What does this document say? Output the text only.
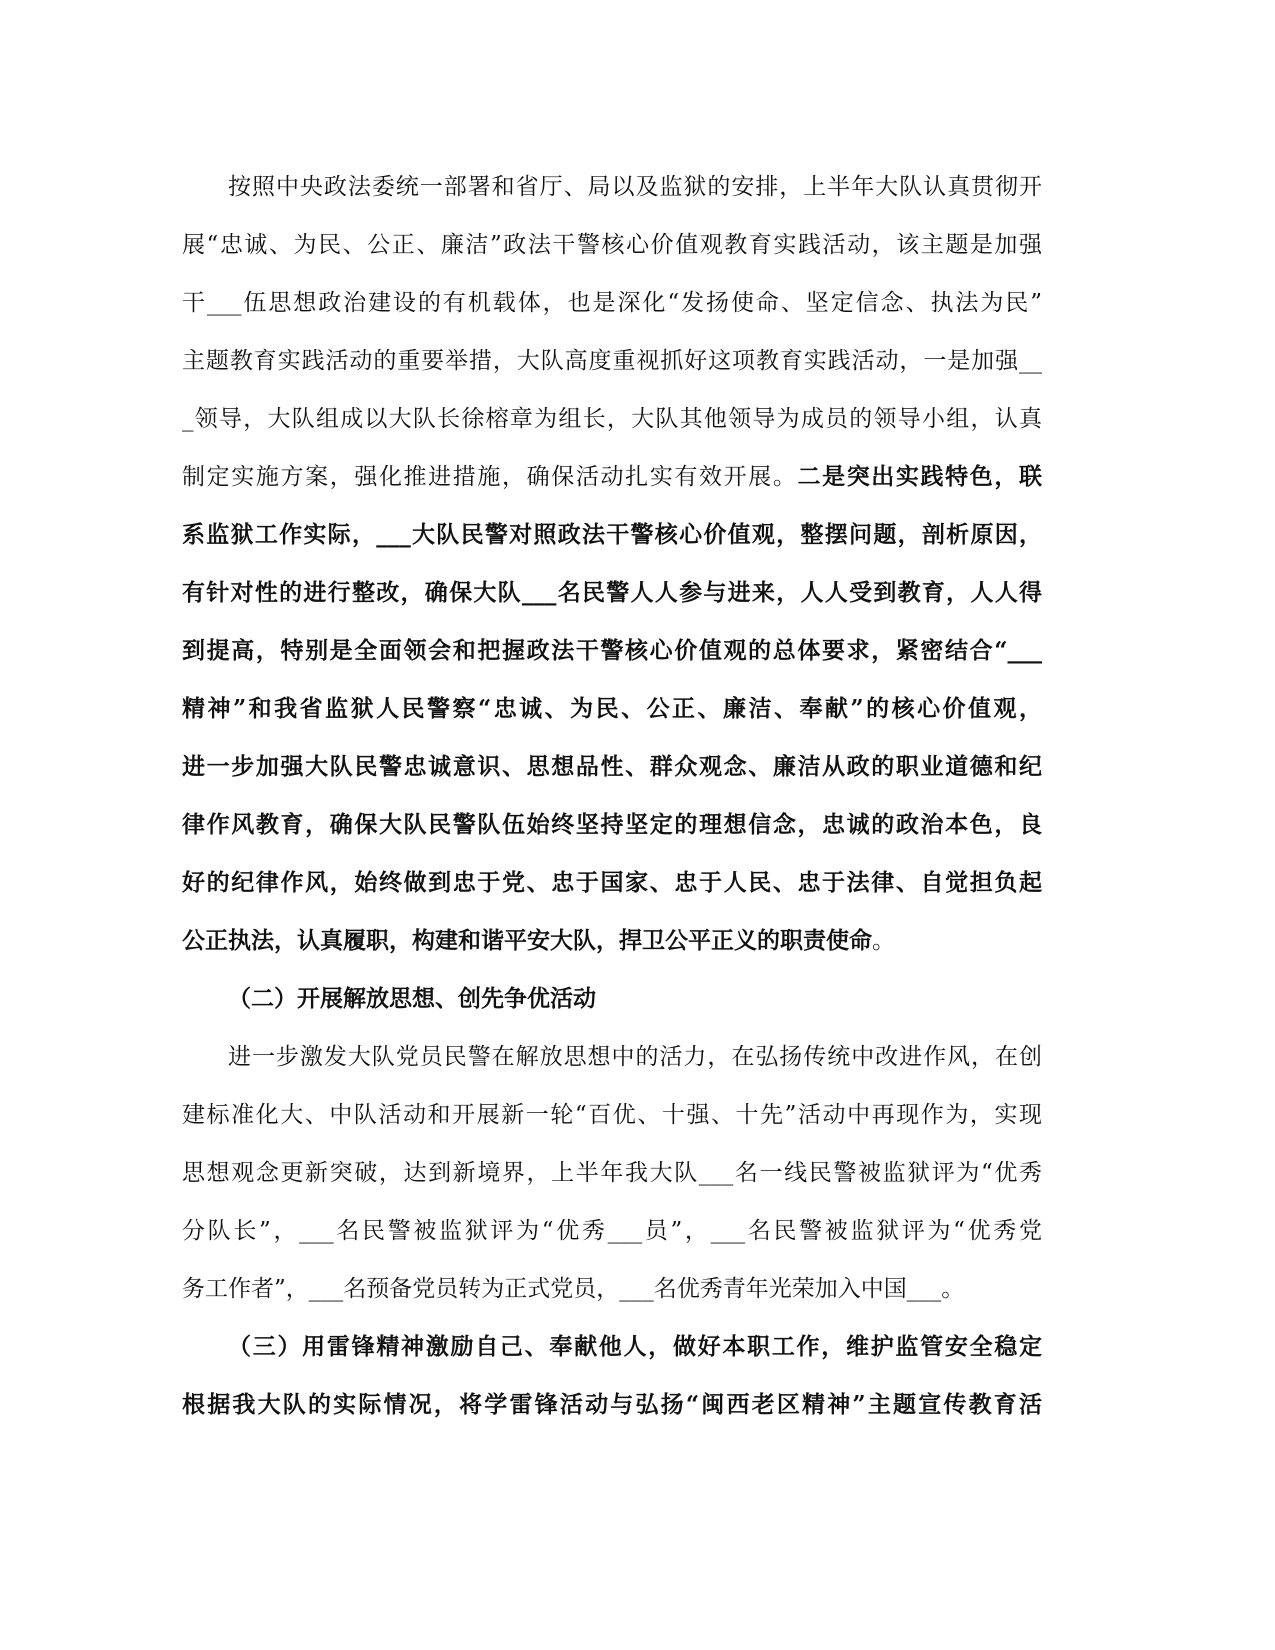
按照中央政法委统一部署和省厅、局以及监狱的安排，上半年大队认真贯彻开
展“忠诚、为民、公正、廉洁”政法干警核心价值观教育实践活动，该主题是加强
干___伍思想政治建设的有机载体，也是深化“发扬使命、坚定信念、执法为民”
主题教育实践活动的重要举措，大队高度重视抓好这项教育实践活动，一是加强__
_领导，大队组成以大队长徐榕章为组长，大队其他领导为成员的领导小组，认真
制定实施方案，强化推进措施，确保活动扎实有效开展。二是突出实践特色，联
系监狱工作实际，___大队民警对照政法干警核心价值观，整摆问题，剖析原因，
有针对性的进行整改，确保大队___名民警人人参与进来，人人受到教育，人人得
到提高，特别是全面领会和把握政法干警核心价值观的总体要求，紧密结合“___
精神”和我省监狱人民警察“忠诚、为民、公正、廉洁、奉献”的核心价值观，
进一步加强大队民警忠诚意识、思想品性、群众观念、廉洁从政的职业道德和纪
律作风教育，确保大队民警队伍始终坚持坚定的理想信念，忠诚的政治本色，良
好的纪律作风，始终做到忠于党、忠于国家、忠于人民、忠于法律、自觉担负起
公正执法，认真履职，构建和谐平安大队，捍卫公平正义的职责使命。
（二）开展解放思想、创先争优活动
进一步激发大队党员民警在解放思想中的活力，在弘扬传统中改进作风，在创
建标准化大、中队活动和开展新一轮“百优、十强、十先”活动中再现作为，实现
思想观念更新突破，达到新境界，上半年我大队___名一线民警被监狱评为“优秀
分队长”，___名民警被监狱评为“优秀___员”，___名民警被监狱评为“优秀党
务工作者”，___名预备党员转为正式党员，___名优秀青年光荣加入中国___。
（三）用雷锋精神激励自己、奉献他人，做好本职工作，维护监管安全稳定
根据我大队的实际情况，将学雷锋活动与弘扬“闽西老区精神”主题宣传教育活
